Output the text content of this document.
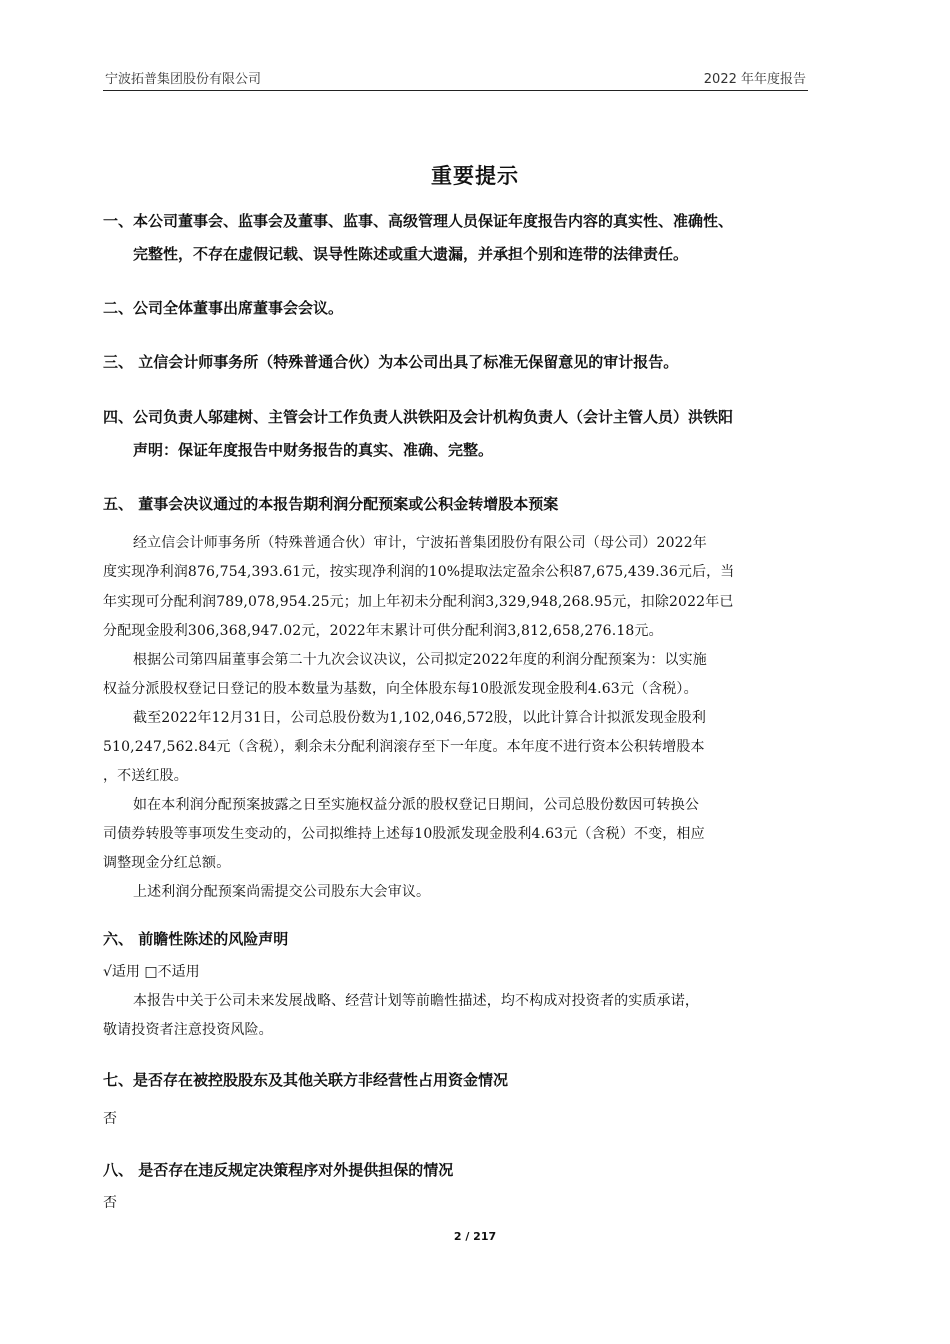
宁波拓普集团股份有限公司	2022 年年度报告
重要提示
一、本公司董事会、监事会及董事、监事、高级管理人员保证年度报告内容的真实性、准确性、
完整性，不存在虚假记载、误导性陈述或重大遗漏，并承担个别和连带的法律责任。
二、公司全体董事出席董事会会议。
三、 立信会计师事务所（特殊普通合伙）为本公司出具了标准无保留意见的审计报告。
四、公司负责人邬建树、主管会计工作负责人洪铁阳及会计机构负责人（会计主管人员）洪铁阳
声明：保证年度报告中财务报告的真实、准确、完整。
五、 董事会决议通过的本报告期利润分配预案或公积金转增股本预案
经立信会计师事务所（特殊普通合伙）审计，宁波拓普集团股份有限公司（母公司）2022年
度实现净利润876,754,393.61元，按实现净利润的10%提取法定盈余公积87,675,439.36元后，当
年实现可分配利润789,078,954.25元；加上年初未分配利润3,329,948,268.95元，扣除2022年已
分配现金股利306,368,947.02元，2022年末累计可供分配利润3,812,658,276.18元。
根据公司第四届董事会第二十九次会议决议，公司拟定2022年度的利润分配预案为：以实施
权益分派股权登记日登记的股本数量为基数，向全体股东每10股派发现金股利4.63元（含税）。
截至2022年12月31日，公司总股份数为1,102,046,572股，以此计算合计拟派发现金股利
510,247,562.84元（含税），剩余未分配利润滚存至下一年度。本年度不进行资本公积转增股本
，不送红股。
如在本利润分配预案披露之日至实施权益分派的股权登记日期间，公司总股份数因可转换公
司债券转股等事项发生变动的，公司拟维持上述每10股派发现金股利4.63元（含税）不变，相应
调整现金分红总额。
上述利润分配预案尚需提交公司股东大会审议。
六、 前瞻性陈述的风险声明
√适用 □不适用
本报告中关于公司未来发展战略、经营计划等前瞻性描述，均不构成对投资者的实质承诺，
敬请投资者注意投资风险。
七、是否存在被控股股东及其他关联方非经营性占用资金情况
否
八、 是否存在违反规定决策程序对外提供担保的情况
否
2 / 217
